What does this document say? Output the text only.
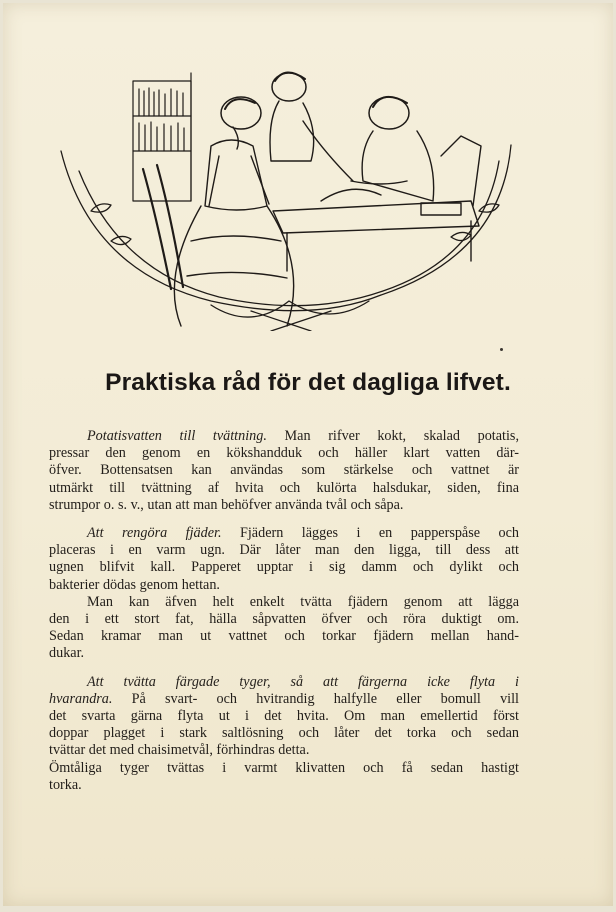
Praktiska råd för det dagliga lifvet.
Potatisvatten till tvättning. Man rifver kokt, skalad potatis,
pressar den genom en kökshandduk och häller klart vatten där-
öfver. Bottensatsen kan användas som stärkelse och vattnet är
utmärkt till tvättning af hvita och kulörta halsdukar, siden, fina
strumpor o. s. v., utan att man behöfver använda tvål och såpa.
Att rengöra fjäder. Fjädern lägges i en papperspåse och
placeras i en varm ugn. Där låter man den ligga, till dess att
ugnen blifvit kall. Papperet upptar i sig damm och dylikt och
bakterier dödas genom hettan.
Man kan äfven helt enkelt tvätta fjädern genom att lägga
den i ett stort fat, hälla såpvatten öfver och röra duktigt om.
Sedan kramar man ut vattnet och torkar fjädern mellan hand-
dukar.
Att tvätta färgade tyger, så att färgerna icke flyta i
hvarandra. På svart- och hvitrandig halfylle eller bomull vill
det svarta gärna flyta ut i det hvita. Om man emellertid först
doppar plagget i stark saltlösning och låter det torka och sedan
tvättar det med chaisimetvål, förhindras detta.
Ömtåliga tyger tvättas i varmt klivatten och få sedan hastigt
torka.
